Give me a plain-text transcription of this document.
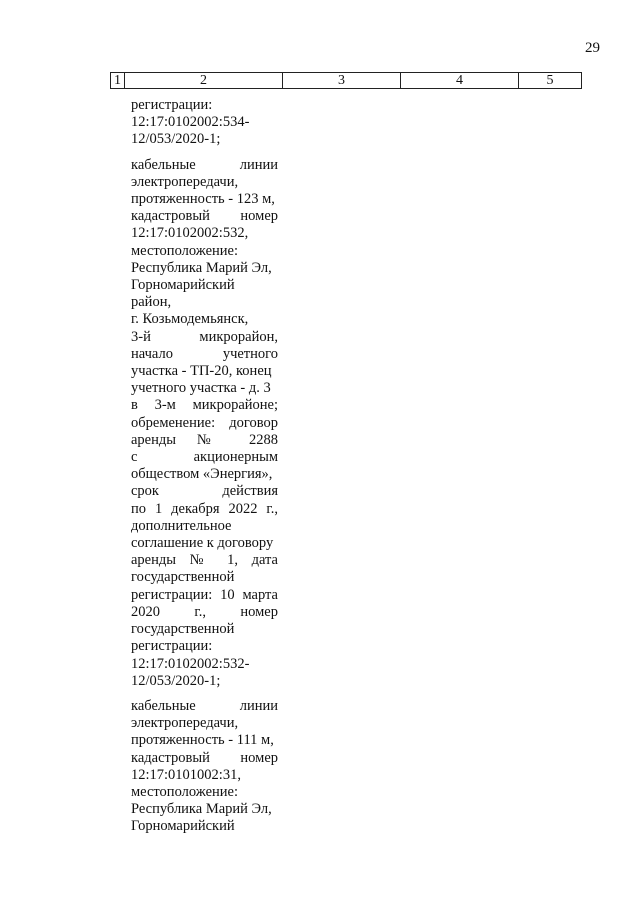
29
1	2	3	4	5
регистрации:
12:17:0102002:534-
12/053/2020-1;
кабельные линии
электропередачи,
протяженность - 123 м,
кадастровый номер
12:17:0102002:532,
местоположение:
Республика Марий Эл,
Горномарийский
район,
г. Козьмодемьянск,
3-й микрорайон,
начало учетного
участка - ТП-20, конец
учетного участка - д. 3
в 3-м микрорайоне;
обременение: договор
аренды № 2288
с акционерным
обществом «Энергия»,
срок действия
по 1 декабря 2022 г.,
дополнительное
соглашение к договору
аренды № 1, дата
государственной
регистрации: 10 марта
2020 г., номер
государственной
регистрации:
12:17:0102002:532-
12/053/2020-1;
кабельные линии
электропередачи,
протяженность - 111 м,
кадастровый номер
12:17:0101002:31,
местоположение:
Республика Марий Эл,
Горномарийский
